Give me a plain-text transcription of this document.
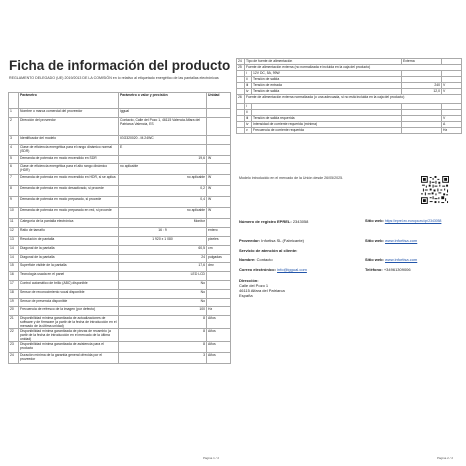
Ficha de información del producto
REGLAMENTO DELEGADO (UE) 2019/2013 DE LA COMISIÓN en lo relativo al etiquetado energético de las pantallas electrónicas
	Parámetro	Parámetro o valor y precisión	Unidad
1	Nombre o marca comercial del proveedor	iggual	
2	Dirección del proveedor	Contacto, Calle del Pozo 1, 46115 Valencia Alfara del Patriarca Valencia, ES	
3	Identificador del modelo	IGG320020 - M.24WC	
4	Clase de eficiencia energética para el rango dinámico normal (SDR)	E	
5	Demanda de potencia en modo encendido en SDR	19,6	W
6	Clase de eficiencia energética para el alto rango dinámico (HDR)	no aplicable	
7	Demanda de potencia en modo encendido en HDR, si se aplica	no aplicable	W
8	Demanda de potencia en modo desactivado, si procede	0,2	W
9	Demanda de potencia en modo preparado, si procede	0,4	W
10	Demanda de potencia en modo preparado en red, si procede	no aplicable	W
11	Categoría de la pantalla electrónica	Monitor	
12	Ratio de tamaño	16 : 9	entero
13	Resolución de pantalla	1 920 x 1 080	pixeles
14	Diagonal de la pantalla	60,5	cm
14	Diagonal de la pantalla	24	pulgadas
15	Superficie visible de la pantalla	17,6	dm²
16	Tecnología usada en el panel	LED LCD	
17	Control automático de brillo (ABC) disponible	No	
18	Sensor de reconocimiento vocal disponible	No	
19	Sensor de presencia disponible	No	
20	Frecuencia de refresco de la imagen (por defecto)	100	Hz
21	Disponibilidad mínima garantizada de actualizaciones de software y de firmware (a partir de la fecha de introducción en el mercado de la última unidad)	8	Años
22	Disponibilidad mínima garantizada de piezas de recambio (a partir de la fecha de introducción en el mercado de la última unidad)	8	Años
23	Disponibilidad mínima garantizada de asistencia para el producto	8	Años
24	Duración mínima de la garantía general ofrecida por el proveedor	3	Años
Página 1 / 2
24	Tipo de fuente de alimentación		Externa	
25	Fuente de alimentación externa (no normalizada e incluida en la caja del producto)			
	i	12V DC, 5A, 99W		
	ii	Tensión de salida		
	iii	Tensión de entrada	240	V
	iv	Tensión de salida	12,0	V
26	Fuente de alimentación externa normalizada (o una adecuada, si no está incluida en la caja del producto)			
	i			
	ii			
	iii	Tensión de salida requerida		V
	iv	Intensidad de corriente requerida (mínima)		A
	v	Frecuencia de corriente requerida		Hz
Modelo introducido en el mercado de la Unión desde 26/05/2025.
Número de registro EPREL: 2343058	Sitio web: https://eprel.ec.europa.eu/qr/2343058
Proveedor: Infortisa SL (Fabricante)	Sitio web: www.infortisa.com
Servicio de atención al cliente:
Nombre: Contacto	Sitio web: www.infortisa.com
Correo electrónico: info@iggual.com	Teléfono: +34961309006
Dirección:
Calle del Pozo 1
46115 Alfara del Patriarca
España
Página 2 / 2
